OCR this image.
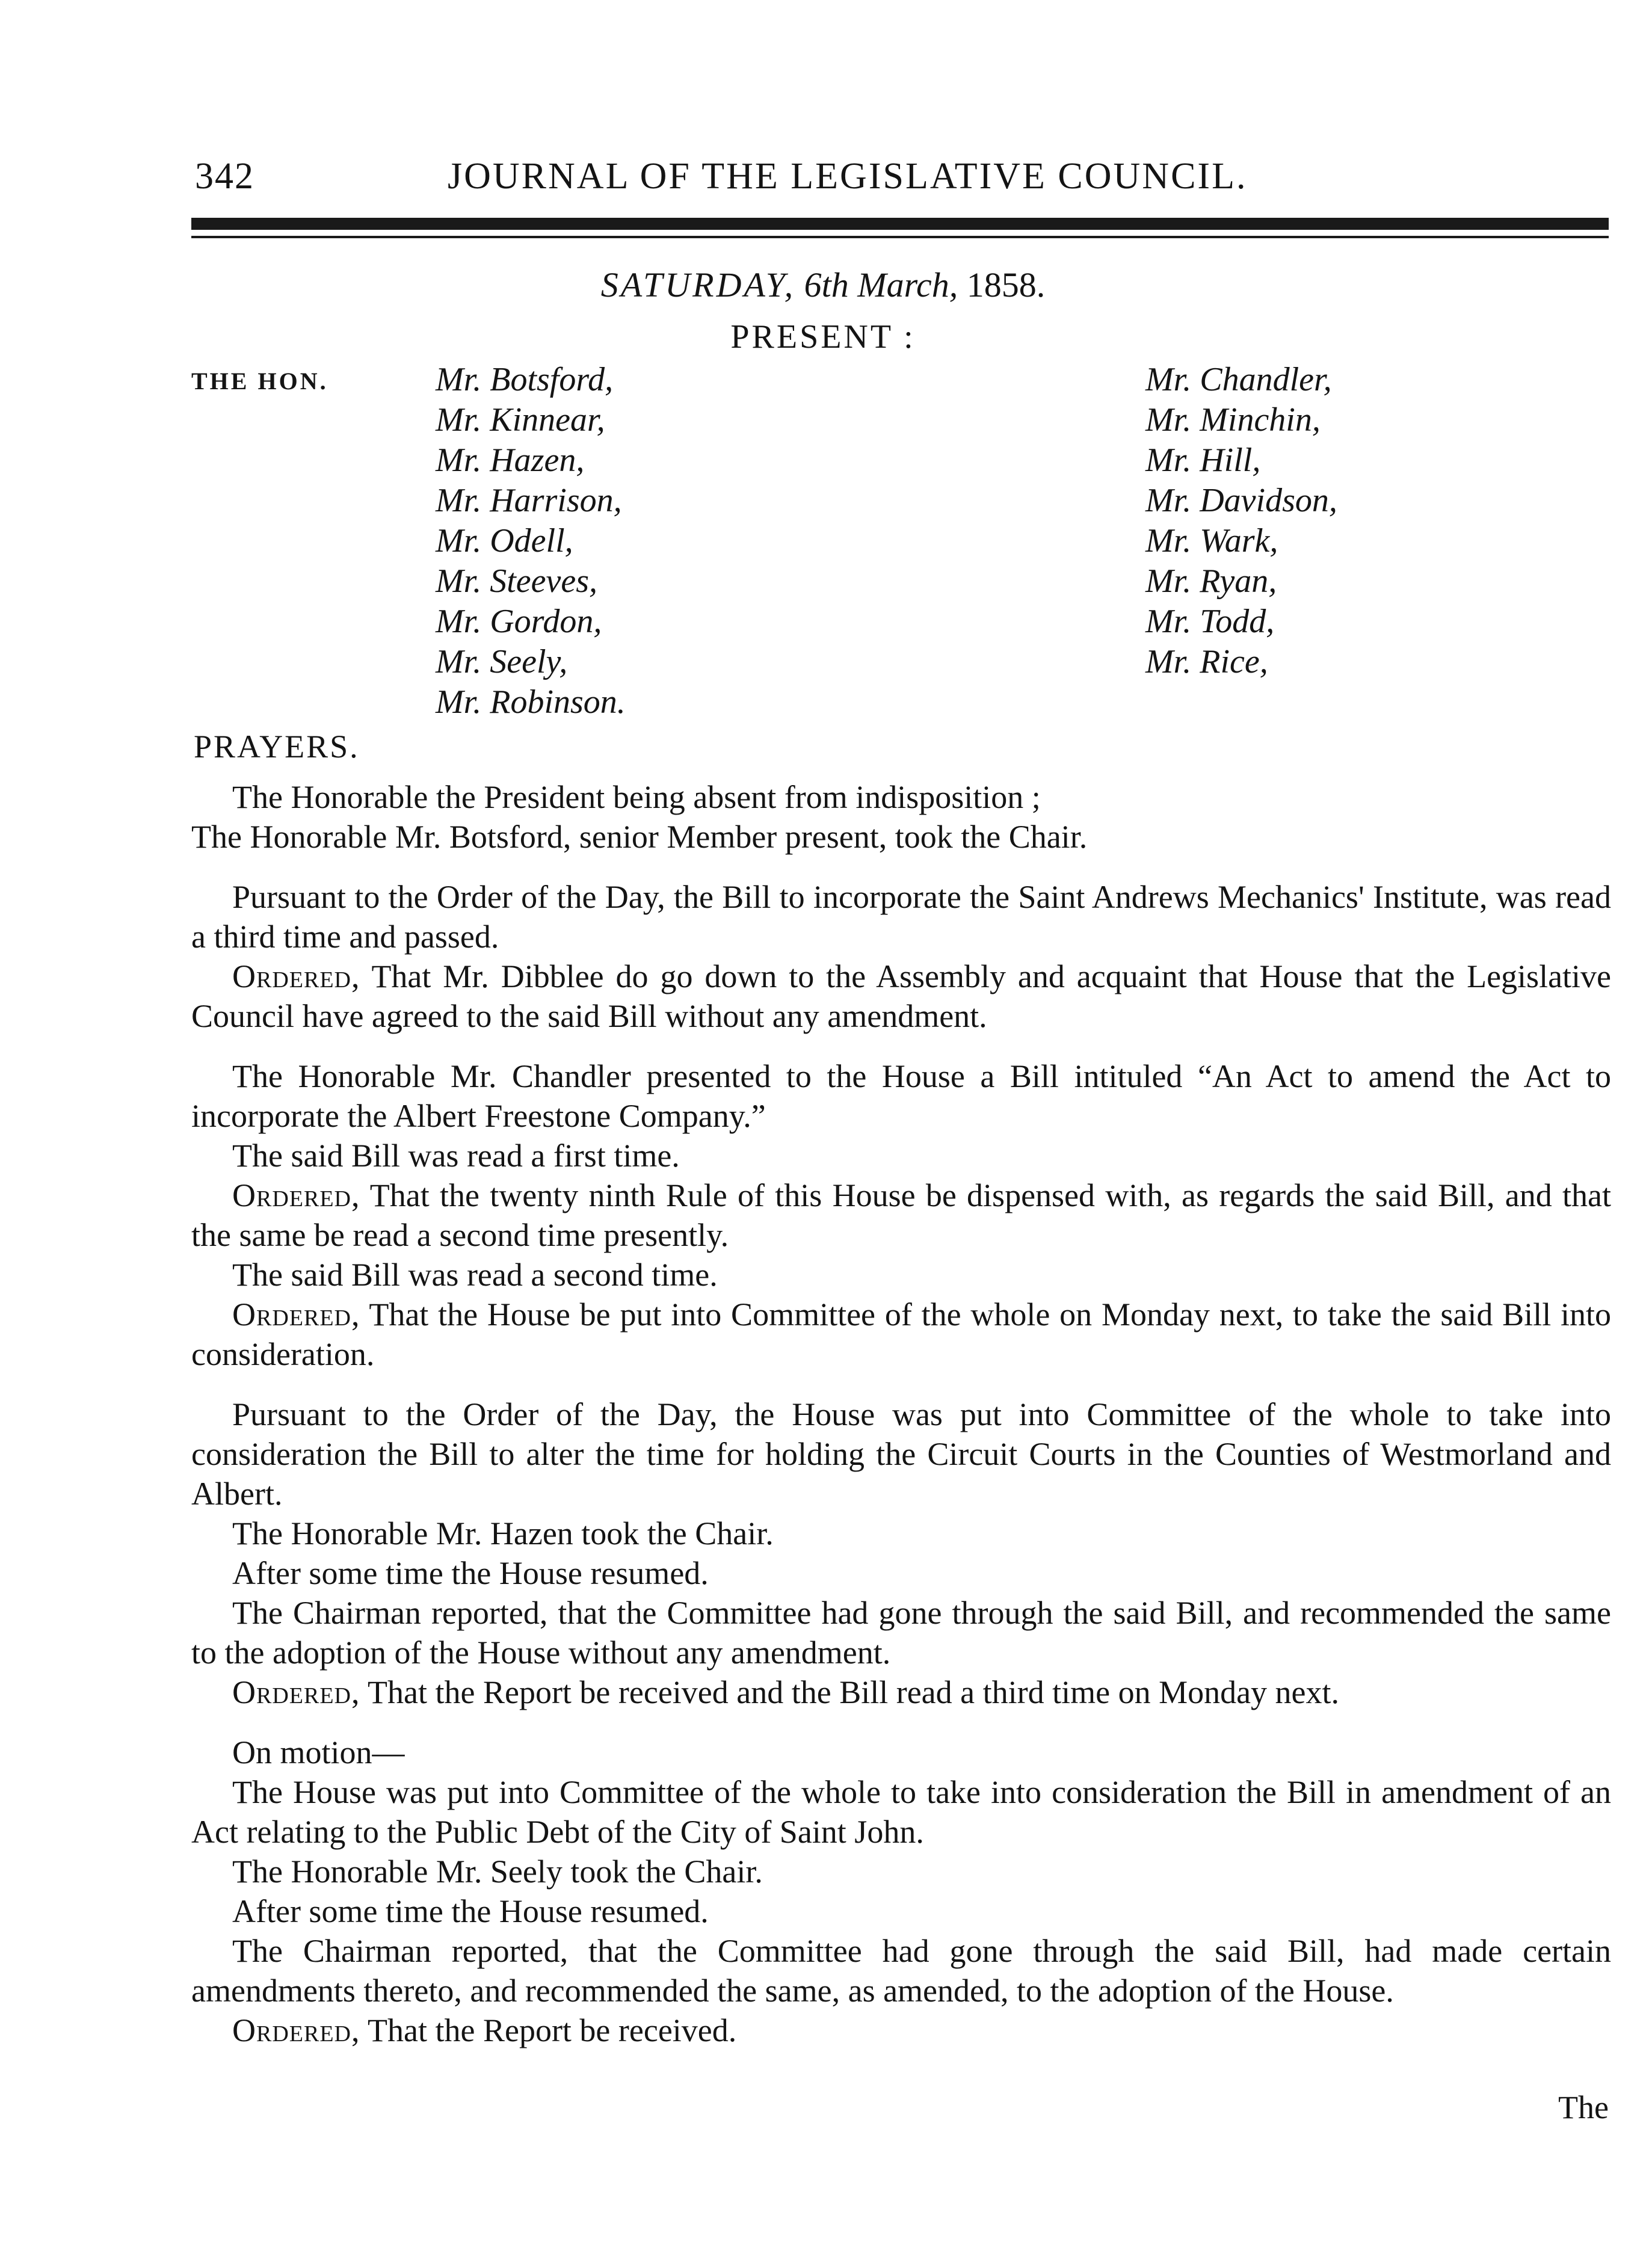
342	JOURNAL OF THE LEGISLATIVE COUNCIL.
SATURDAY, 6th March, 1858.
PRESENT :
THE HON.	Mr. Botsford,
Mr. Kinnear,
Mr. Hazen,
Mr. Harrison,
Mr. Odell,
Mr. Steeves,
Mr. Gordon,
Mr. Seely,
Mr. Robinson.
Mr. Chandler,
Mr. Minchin,
Mr. Hill,
Mr. Davidson,
Mr. Wark,
Mr. Ryan,
Mr. Todd,
Mr. Rice,
PRAYERS.

The Honorable the President being absent from indisposition ;

The Honorable Mr. Botsford, senior Member present, took the Chair.

Pursuant to the Order of the Day, the Bill to incorporate the Saint Andrews Mechanics' Institute, was read a third time and passed.

Ordered, That Mr. Dibblee do go down to the Assembly and acquaint that House that the Legislative Council have agreed to the said Bill without any amendment.

The Honorable Mr. Chandler presented to the House a Bill intituled “An Act to amend the Act to incorporate the Albert Freestone Company.”

The said Bill was read a first time.

Ordered, That the twenty ninth Rule of this House be dispensed with, as regards the said Bill, and that the same be read a second time presently.

The said Bill was read a second time.

Ordered, That the House be put into Committee of the whole on Monday next, to take the said Bill into consideration.

Pursuant to the Order of the Day, the House was put into Committee of the whole to take into consideration the Bill to alter the time for holding the Circuit Courts in the Counties of Westmorland and Albert.

The Honorable Mr. Hazen took the Chair.

After some time the House resumed.

The Chairman reported, that the Committee had gone through the said Bill, and recommended the same to the adoption of the House without any amendment.

Ordered, That the Report be received and the Bill read a third time on Monday next.

On motion—

The House was put into Committee of the whole to take into consideration the Bill in amendment of an Act relating to the Public Debt of the City of Saint John.

The Honorable Mr. Seely took the Chair.

After some time the House resumed.

The Chairman reported, that the Committee had gone through the said Bill, had made certain amendments thereto, and recommended the same, as amended, to the adoption of the House.

Ordered, That the Report be received.

The
